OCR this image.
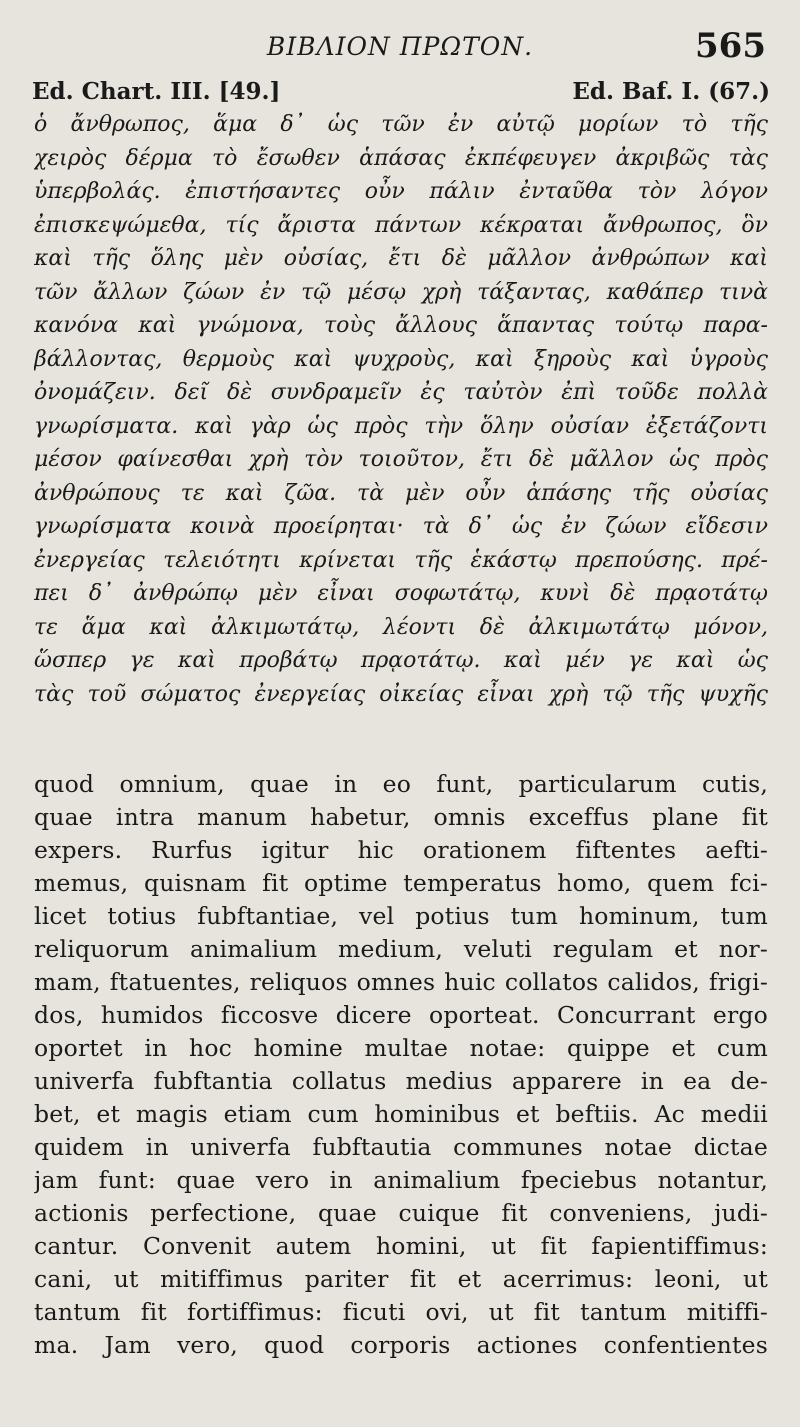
ΒΙΒΛΙΟΝ ΠΡΩΤΟΝ.	565
Ed. Chart. III. [49.]	Ed. Baf. I. (67.)
ὁ ἄνθρωπος, ἅμα δ᾽ ὡς τῶν ἐν αὐτῷ μορίων τὸ τῆς
χειρὸς δέρμα τὸ ἔσωθεν ἁπάσας ἐκπέφευγεν ἀκριβῶς τὰς
ὑπερβολάς. ἐπιστήσαντες οὖν πάλιν ἐνταῦθα τὸν λόγον
ἐπισκεψώμεθα, τίς ἄριστα πάντων κέκραται ἄνθρωπος, ὃν
καὶ τῆς ὅλης μὲν οὐσίας, ἔτι δὲ μᾶλλον ἀνθρώπων καὶ
τῶν ἄλλων ζώων ἐν τῷ μέσῳ χρὴ τάξαντας, καθάπερ τινὰ
κανόνα καὶ γνώμονα, τοὺς ἄλλους ἅπαντας τούτῳ παρα-
βάλλοντας, θερμοὺς καὶ ψυχροὺς, καὶ ξηροὺς καὶ ὑγροὺς
ὀνομάζειν. δεῖ δὲ συνδραμεῖν ἐς ταὐτὸν ἐπὶ τοῦδε πολλὰ
γνωρίσματα. καὶ γὰρ ὡς πρὸς τὴν ὅλην οὐσίαν ἐξετάζοντι
μέσον φαίνεσθαι χρὴ τὸν τοιοῦτον, ἔτι δὲ μᾶλλον ὡς πρὸς
ἀνθρώπους τε καὶ ζῶα. τὰ μὲν οὖν ἁπάσης τῆς οὐσίας
γνωρίσματα κοινὰ προείρηται· τὰ δ᾽ ὡς ἐν ζώων εἴδεσιν
ἐνεργείας τελειότητι κρίνεται τῆς ἑκάστῳ πρεπούσης. πρέ-
πει δ᾽ ἀνθρώπῳ μὲν εἶναι σοφωτάτῳ, κυνὶ δὲ πρᾳοτάτῳ
τε ἅμα καὶ ἀλκιμωτάτῳ, λέοντι δὲ ἀλκιμωτάτῳ μόνον,
ὥσπερ γε καὶ προβάτῳ πρᾳοτάτῳ. καὶ μέν γε καὶ ὡς
τὰς τοῦ σώματος ἐνεργείας οἰκείας εἶναι χρὴ τῷ τῆς ψυχῆς
quod omnium, quae in eo funt, particularum cutis,
quae intra manum habetur, omnis exceffus plane fit
expers. Rurfus igitur hic orationem fiftentes aefti-
memus, quisnam fit optime temperatus homo, quem fci-
licet totius fubftantiae, vel potius tum hominum, tum
reliquorum animalium medium, veluti regulam et nor-
mam, ftatuentes, reliquos omnes huic collatos calidos, frigi-
dos, humidos ficcosve dicere oporteat. Concurrant ergo
oportet in hoc homine multae notae: quippe et cum
univerfa fubftantia collatus medius apparere in ea de-
bet, et magis etiam cum hominibus et beftiis. Ac medii
quidem in univerfa fubftautia communes notae dictae
jam funt: quae vero in animalium fpeciebus notantur,
actionis perfectione, quae cuique fit conveniens, judi-
cantur. Convenit autem homini, ut fit fapientiffimus:
cani, ut mitiffimus pariter fit et acerrimus: leoni, ut
tantum fit fortiffimus: ficuti ovi, ut fit tantum mitiffi-
ma. Jam vero, quod corporis actiones confentientes
